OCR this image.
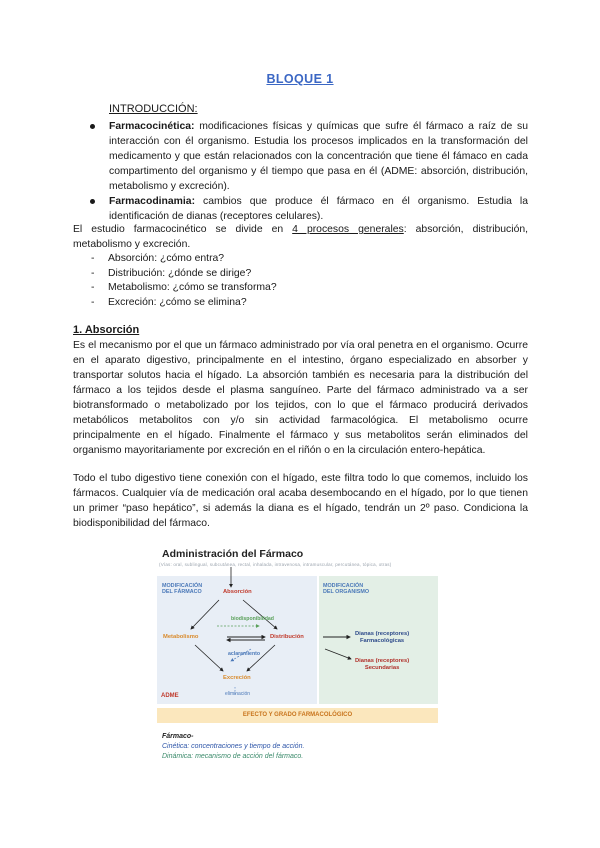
BLOQUE 1
INTRODUCCIÓN:
Farmacocinética: modificaciones físicas y químicas que sufre él fármaco a raíz de su interacción con él organismo. Estudia los procesos implicados en la transformación del medicamento y que están relacionados con la concentración que tiene él fámaco en cada compartimento del organismo y él tiempo que pasa en él (ADME: absorción, distribución, metabolismo y excreción).
Farmacodinamia: cambios que produce él fármaco en él organismo. Estudia la identificación de dianas (receptores celulares).
El estudio farmacocinético se divide en 4 procesos generales: absorción, distribución, metabolismo y excreción.
- Absorción: ¿cómo entra?
- Distribución: ¿dónde se dirige?
- Metabolismo: ¿cómo se transforma?
- Excreción: ¿cómo se elimina?
1. Absorción
Es el mecanismo por el que un fármaco administrado por vía oral penetra en el organismo. Ocurre en el aparato digestivo, principalmente en el intestino, órgano especializado en absorber y transportar solutos hacia el hígado. La absorción también es necesaria para la distribución del fármaco a los tejidos desde el plasma sanguíneo. Parte del fármaco administrado va a ser biotransformado o metabolizado por los tejidos, con lo que el fármaco producirá derivados metabólicos metabolitos con y/o sin actividad farmacológica. El metabolismo ocurre principalmente en el hígado. Finalmente el fármaco y sus metabolitos serán eliminados del organismo mayoritariamente por excreción en el riñón o en la circulación entero-hepática.
Todo el tubo digestivo tiene conexión con el hígado, este filtra todo lo que comemos, incluido los fármacos. Cualquier vía de medicación oral acaba desembocando en el hígado, por lo que tienen un primer “paso hepático”, si además la diana es el hígado, tendrán un 2º paso. Condiciona la biodisponibilidad del fármaco.
Administración del Fármaco
(Vías: oral, sublingual, subcutánea, rectal, inhalada, intravenosa, intramuscular, percutánea, tópica, otras)
MODIFICACIÓN
DEL FÁRMACO
MODIFICACIÓN
DEL ORGANISMO
Absorción
biodisponibilidad
Metabolismo	Distribución
aclaramiento
Excreción
eliminación
ADME
Dianas (receptores)
Farmacológicas
Dianas (receptores)
Secundarias
EFECTO Y GRADO FARMACOLÓGICO
Fármaco-
Cinética: concentraciones y tiempo de acción.
Dinámica: mecanismo de acción del fármaco.
